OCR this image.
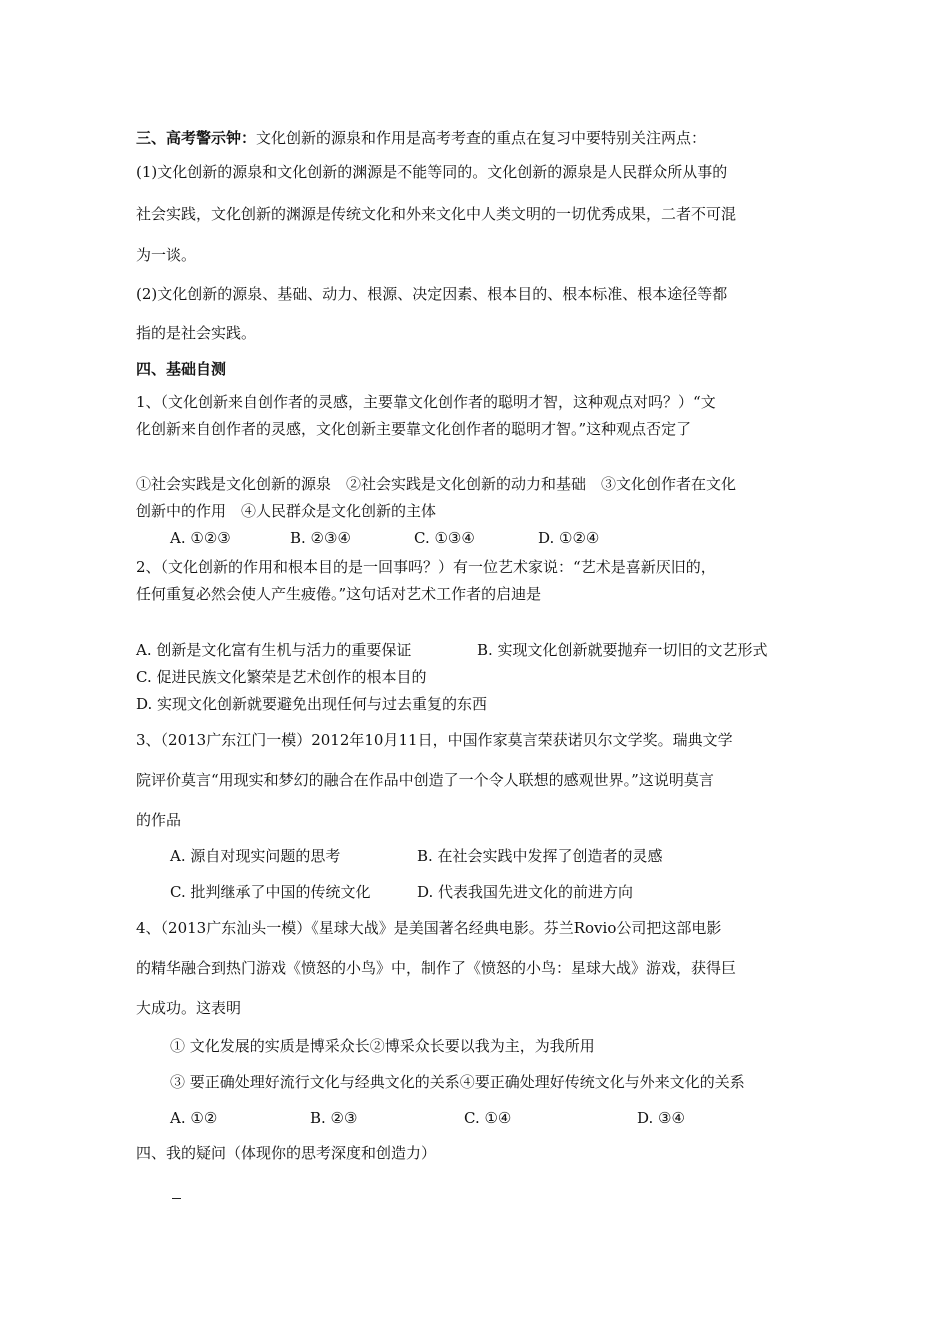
三、高考警示钟：文化创新的源泉和作用是高考考查的重点在复习中要特别关注两点：
(1)文化创新的源泉和文化创新的渊源是不能等同的。文化创新的源泉是人民群众所从事的
社会实践，文化创新的渊源是传统文化和外来文化中人类文明的一切优秀成果，二者不可混
为一谈。
(2)文化创新的源泉、基础、动力、根源、决定因素、根本目的、根本标准、根本途径等都
指的是社会实践。
四、基础自测
1、（文化创新来自创作者的灵感，主要靠文化创作者的聪明才智，这种观点对吗？）“文
化创新来自创作者的灵感，文化创新主要靠文化创作者的聪明才智。”这种观点否定了
①社会实践是文化创新的源泉　②社会实践是文化创新的动力和基础　③文化创作者在文化
创新中的作用　④人民群众是文化创新的主体
A. ①②③	B. ②③④	C. ①③④	D. ①②④
2、（文化创新的作用和根本目的是一回事吗？）有一位艺术家说：“艺术是喜新厌旧的，
任何重复必然会使人产生疲倦。”这句话对艺术工作者的启迪是
A. 创新是文化富有生机与活力的重要保证	B. 实现文化创新就要抛弃一切旧的文艺形式
C. 促进民族文化繁荣是艺术创作的根本目的
D. 实现文化创新就要避免出现任何与过去重复的东西
3、（2013广东江门一模）2012年10月11日，中国作家莫言荣获诺贝尔文学奖。瑞典文学
院评价莫言“用现实和梦幻的融合在作品中创造了一个令人联想的感观世界。”这说明莫言
的作品
A. 源自对现实问题的思考	B. 在社会实践中发挥了创造者的灵感
C. 批判继承了中国的传统文化	D. 代表我国先进文化的前进方向
4、（2013广东汕头一模）《星球大战》是美国著名经典电影。芬兰Rovio公司把这部电影
的精华融合到热门游戏《愤怒的小鸟》中，制作了《愤怒的小鸟：星球大战》游戏，获得巨
大成功。这表明
① 文化发展的实质是博采众长②博采众长要以我为主，为我所用
③ 要正确处理好流行文化与经典文化的关系④要正确处理好传统文化与外来文化的关系
A. ①②	B. ②③	C. ①④	D. ③④
四、我的疑问（体现你的思考深度和创造力）
